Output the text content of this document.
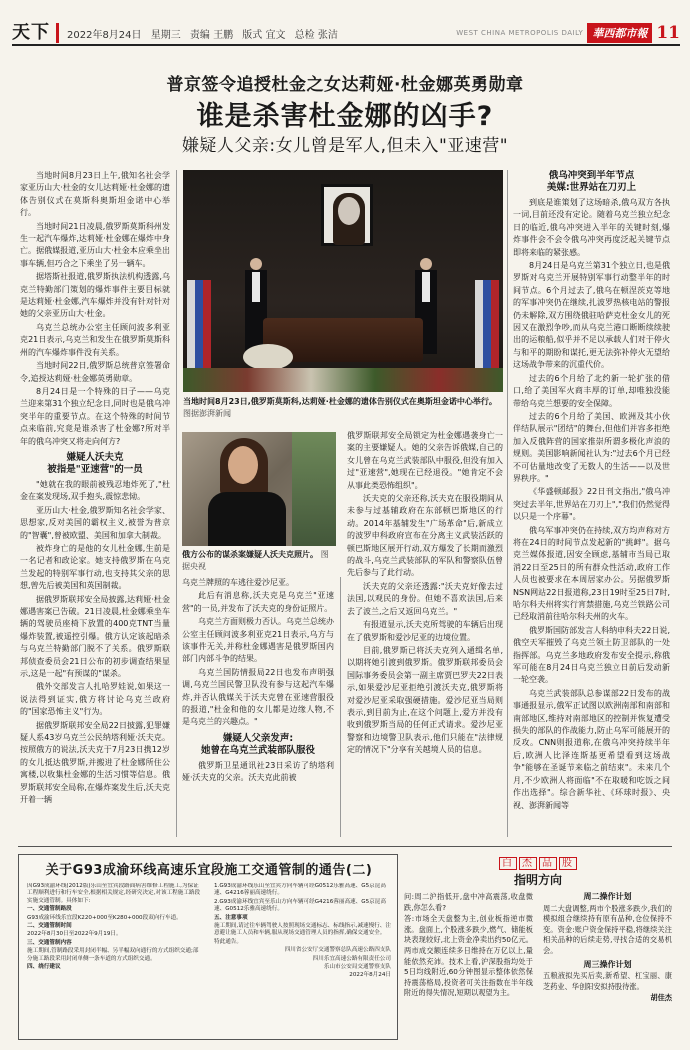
天下	2022年8月24日 星期三 责编 王鹏 版式 宜文 总检 张洁	WEST CHINA METROPOLIS DAILY 華西都市報 11
普京签令追授杜金之女达莉娅·杜金娜英勇勋章
谁是杀害杜金娜的凶手?
嫌疑人父亲:女儿曾是军人,但未入"亚速营"

当地时间8月23日上午,俄知名社会学家亚历山大·杜金的女儿达莉娅·杜金娜的遗体告别仪式在莫斯科奥斯坦金诺中心举行。

当地时间21日凌晨,俄罗斯莫斯科州发生一起汽车爆炸,达莉娅·杜金娜在爆炸中身亡。据俄媒报道,亚历山大·杜金本应乘坐出事车辆,但巧合之下乘坐了另一辆车。

据塔斯社报道,俄罗斯执法机构透露,乌克兰特勤部门策划的爆炸事件主要目标就是达莉娅·杜金娜,汽车爆炸并没有针对针对她的父亲亚历山大·杜金。

乌克兰总统办公室主任顾问波多利亚克21日表示,乌克兰和发生在俄罗斯莫斯科州的汽车爆炸事件没有关系。

当地时间22日,俄罗斯总统普京签署命令,追授达莉娅·杜金娜英勇勋章。

8月24日是一个特殊的日子——乌克兰迎来第31个独立纪念日,同时也是俄乌冲突半年的重要节点。在这个特殊的时间节点来临前,究竟是谁杀害了杜金娜?所对半年的俄乌冲突又将走向何方?

嫌疑人沃夫克
被指是"亚速营"的一员

"她就在我的眼前被残忍地炸死了,"杜金在案发现场,双手抱头,震惊悲恸。

亚历山大·杜金,俄罗斯知名社会学家、思想家,反对美国的霸权主义,被誉为普京的"智囊",曾被欧盟、美国和加拿大制裁。

被炸身亡的是他的女儿杜金娜,生前是一名记者和政论家。她支持俄罗斯在乌克兰发起的特别军事行动,也支持其父亲的思想,曾先后被美国和英国制裁。

据俄罗斯联邦安全局披露,达莉娅·杜金娜遇害案已告破。21日凌晨,杜金娜乘坐车辆的驾驶员座椅下放置的400克TNT当量爆炸装置,被遥控引爆。俄方认定该起暗杀与乌克兰特勤部门脱不了关系。俄罗斯联邦侦查委员会21日公布的初步调查结果显示,这是一起"有预谋的"谋杀。

俄外交部发言人扎哈罗娃说,如果这一说法得到证实,俄方将讨论乌克兰政府的"国家恐怖主义"行为。

据俄罗斯联邦安全局22日披露,犯罪嫌疑人系43岁乌克兰公民纳塔利娅·沃夫克。按照俄方的说法,沃夫克于7月23日携12岁的女儿抵达俄罗斯,并搬进了杜金娜所住公寓楼,以收集杜金娜的生活习惯等信息。俄罗斯联邦安全局称,在爆炸案发生后,沃夫克开着一辆

当地时间8月23日,俄罗斯莫斯科,达莉娅·杜金娜的遗体告别仪式在奥斯坦金诺中心举行。 图据澎湃新闻
俄方公布的谋杀案嫌疑人沃夫克照片。 图据央视

乌克兰牌照的车逃往爱沙尼亚。

此后有消息称,沃夫克是乌克兰"亚速营"的一员,并发布了沃夫克的身份证照片。

乌克兰方面则极力否认。乌克兰总统办公室主任顾问波多利亚克21日表示,乌方与该事件无关,并称杜金娜遇害是俄罗斯国内部门内部斗争的结果。

乌克兰国防情报局22日也发布声明强调,乌克兰国民警卫队没有参与这起汽车爆炸,并否认俄媒关于沃夫克曾在亚速营服役的报道,"杜金和他的女儿都是边缘人物,不是乌克兰的兴趣点。"

嫌疑人父亲发声:
她曾在乌克兰武装部队服役

俄罗斯卫星通讯社23日采访了纳塔利娅·沃夫克的父亲。沃夫克此前被

俄罗斯联邦安全局锁定为杜金娜遇袭身亡一案的主要嫌疑人。她的父亲告诉俄媒,自己的女儿曾在乌克兰武装部队中服役,但没有加入过"亚速营",她现在已经退役。"她肯定不会从事此类恐怖组织"。

沃夫克的父亲还称,沃夫克在服役期间从未参与过基辅政府在东部顿巴斯地区的行动。2014年基辅发生"广场革命"后,新成立的波罗申科政府宣布在分离主义武装活跃的顿巴斯地区展开行动,双方爆发了长期而激烈的战斗,乌克兰武装部队的军队和警察队伍曾先后参与了此行动。

沃夫克的父亲还透露:"沃夫克好像去过法国,以观民的身份。但她不喜欢法国,后来去了波兰,之后又返回乌克兰。"

有报道显示,沃夫克所驾驶的车辆后出现在了俄罗斯和爱沙尼亚的边境位置。

目前,俄罗斯已将沃夫克列入通缉名单,以期将她引渡到俄罗斯。俄罗斯联邦委员会国际事务委员会第一副主席贾巴罗夫22日表示,如果爱沙尼亚拒绝引渡沃夫克,俄罗斯将对爱沙尼亚采取强硬措施。爱沙尼亚当局则表示,到目前为止,在这个问题上,爱方并没有收到俄罗斯当局的任何正式请求。爱沙尼亚警察和边境警卫队表示,他们只能在"法律规定的情况下"分享有关越境人员的信息。

俄乌冲突到半年节点
美媒:世界站在刀刃上

到底是谁策划了这场暗杀,俄乌双方各执一词,目前还没有定论。随着乌克兰独立纪念日的临近,俄乌冲突进入半年的关键时刻,爆炸事件会不会令俄乌冲突再度泛起关键节点即将来临的紧张感。

8月24日是乌克兰第31个独立日,也是俄罗斯对乌克兰开展特别军事行动整半年的时间节点。6个月过去了,俄乌在顿涅茨克等地的军事冲突仍在继续,扎波罗热核电站的警报仍未解除,双方围绕俄驻哈萨克杜金女儿的死因又在激烈争吵,而从乌克兰港口断断续续驶出的运粮船,似乎并不足以承载人们对于停火与和平的期盼和谋托,更无法弥补停火无望给这场战争带来的沉重代价。

过去的6个月给了北约新一轮扩张的借口,给了美国军火商丰厚的订单,却唯独没能带给乌克兰想要的安全保障。

过去的6个月给了美国、欧洲及其小伙伴结队展示"团结"的舞台,但他们并容多拒绝加入反俄阵营的国家推崇所谓多极化声浪的规则。美国影响新闻社认为:"过去6个月已经不可估量地改变了无数人的生活——以及世界秩序。"

《华盛顿邮报》22日刊文指出,"俄乌冲突过去半年,世界站在刀刃上","我们仍然觉得以只是一个序幕"。

俄乌军事冲突仍在持续,双方均声称对方将在24日的时间节点发起新的"挑衅"。据乌克兰媒体报道,因安全顾虑,基辅市当局已取消22日至25日的所有群众性活动,政府工作人员也被要求在本周居家办公。另据俄罗斯NSN网站22日报道称,23日19时至25日7时,哈尔科夫州将实行宵禁措施,乌克兰铁路公司已经取消前往哈尔科夫州的火车。

俄罗斯国防部发言人科纳申科夫22日说,俄空天军摧毁了乌克兰领土防卫部队的一处指挥部。乌克兰多地政府发布安全提示,称俄军可能在8月24日乌克兰独立日前后发动新一轮空袭。

乌克兰武装部队总参谋部22日发布的战事通报显示,俄军正试图以欧洲南部和南部和南部地区,维持对南部地区的控制并恢复遭受损失的部队的作战能力,防止乌军可能展开的反攻。CNN则报道称,在俄乌冲突持续半年后,欧洲人比泽连斯基更希望看到这场战争"能够在圣诞节来临之前结束"。未来几个月,不少欧洲人将面临"不在取暖和吃饭之间作出选择"。综合新华社、《环球时报》、央视、澎湃新闻等

关于G93成渝环线高速乐宜段施工交通管制的通告(二)

因G93成渝环线(2012版)乐山至宜宾段路面病害维修工程施工,为保证工程顺利进行和行车安全,根据相关规定,经研究决定,对该工程施工路段实施交通管制。具体如下:

一、交通管制路段

G93成渝环线乐宜段K220+000至K280+000段双向行车道。

二、交通管制时间

2022年8月30日至2022年9月19日。

三、交通管制内容

施工期间,管制路段采用封闭半幅、另半幅双向通行的方式组织交通;部分施工路段采用封闭单侧一条车道的方式组织交通。

四、绕行建议

1.G93成渝环线乐山至宜宾方向车辆可经G0512乐雅高速、G5京昆高速、G4216蓉丽高速绕行。

2.G93成渝环线宜宾至乐山方向车辆可经G4216蓉丽高速、G5京昆高速、G0512乐雅高速绕行。

五、注意事项

施工期间,请过往车辆驾驶人按照现场交通标志、标线指示,减速慢行、注意避让施工人员和车辆,服从现场交通管理人员的指挥,确保交通安全。

特此通告。

四川省公安厅交通警察总队高速公路四支队

四川乐宜高速公路有限责任公司

乐山市公安局交通警察支队

2022年8月24日

白 杰 品 股
指明方向

问:周二沪指低开,盘中冲高震荡,收盘微跌,你怎么看?

答:市场全天盘整为主,创业板指逆市微涨。盘面上,个股涨多跌少,燃气、储能板块表现较好,北上资金净卖出约50亿元。两市成交额连续多日维持在万亿以上,量能依然充沛。技术上看,沪深股指均处于5日均线附近,60分钟图显示整体依然保持震荡格局,投资者可关注指数在半年线附近的得失情况,短期以观望为主。

周二操作计划

周二大盘调整,两市个股涨多跌少,我们的模拟组合继续持有原有品种,仓位保持不变。资金:账户资金保持平稳,将继续关注相关品种的后续走势,寻找合适的交易机会。

周三操作计划

五粮液拟先买后卖,新希望、杠宝丽、康芝药业、华创阳安拟持股待涨。

胡佳杰
